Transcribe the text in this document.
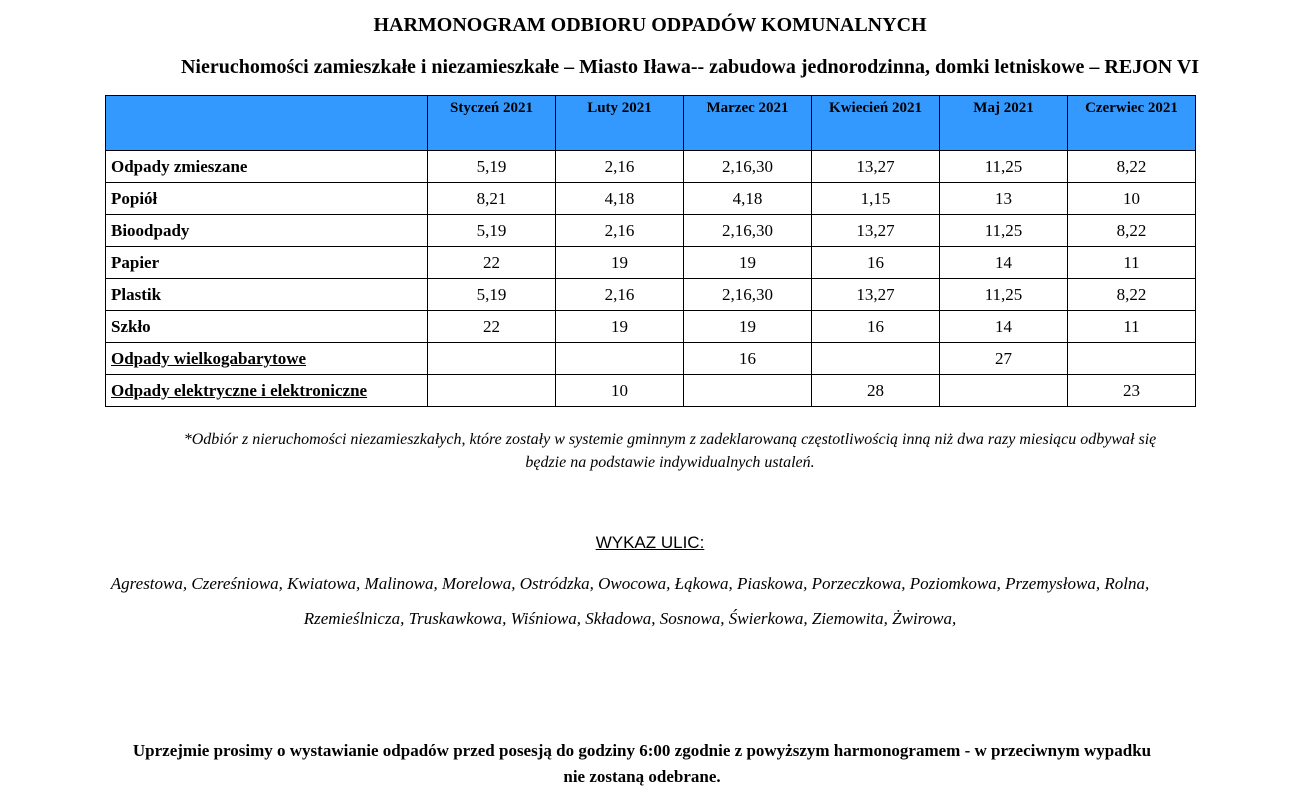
HARMONOGRAM ODBIORU ODPADÓW KOMUNALNYCH
Nieruchomości zamieszkałe i niezamieszkałe – Miasto Iława-- zabudowa jednorodzinna, domki letniskowe – REJON VI
	Styczeń 2021	Luty 2021	Marzec 2021	Kwiecień 2021	Maj 2021	Czerwiec 2021
Odpady zmieszane	5,19	2,16	2,16,30	13,27	11,25	8,22
Popiół	8,21	4,18	4,18	1,15	13	10
Bioodpady	5,19	2,16	2,16,30	13,27	11,25	8,22
Papier	22	19	19	16	14	11
Plastik	5,19	2,16	2,16,30	13,27	11,25	8,22
Szkło	22	19	19	16	14	11
Odpady wielkogabarytowe			16		27	
Odpady elektryczne i elektroniczne		10		28		23
*Odbiór z nieruchomości niezamieszkałych, które zostały w systemie gminnym z zadeklarowaną częstotliwością inną niż dwa razy miesiącu odbywał się
będzie na podstawie indywidualnych ustaleń.
WYKAZ ULIC:
Agrestowa, Czereśniowa, Kwiatowa, Malinowa, Morelowa, Ostródzka, Owocowa, Łąkowa, Piaskowa, Porzeczkowa, Poziomkowa, Przemysłowa, Rolna,
Rzemieślnicza, Truskawkowa, Wiśniowa, Składowa, Sosnowa, Świerkowa, Ziemowita, Żwirowa,
Uprzejmie prosimy o wystawianie odpadów przed posesją do godziny 6:00 zgodnie z powyższym harmonogramem - w przeciwnym wypadku
nie zostaną odebrane.
